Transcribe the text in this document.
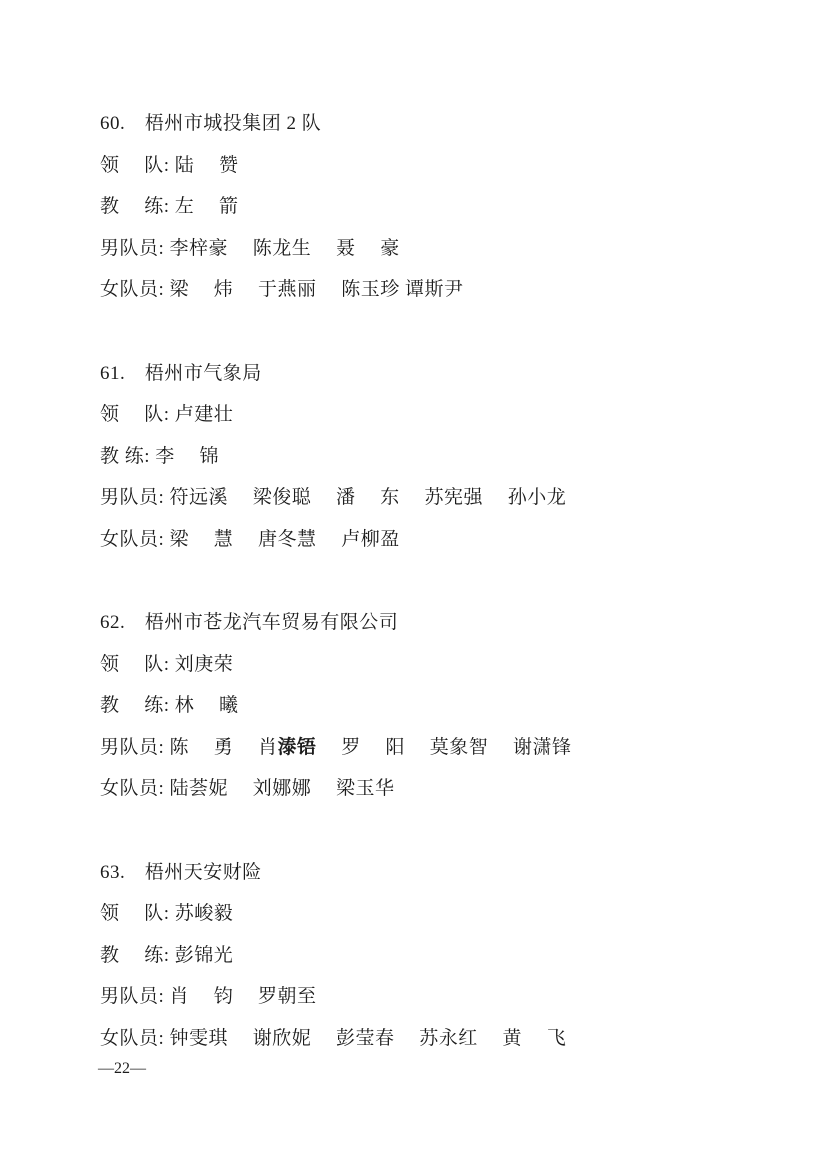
60.　梧州市城投集团 2 队
领　 队: 陆　 赞
教　 练: 左　 箭
男队员: 李梓豪　 陈龙生　 聂　 豪
女队员: 梁　 炜　 于燕丽　 陈玉珍 谭斯尹
61.　梧州市气象局
领　 队: 卢建壮
教 练: 李　 锦
男队员: 符远溪　 梁俊聪　 潘　 东　 苏宪强　 孙小龙
女队员: 梁　 慧　 唐冬慧　 卢柳盈
62.　梧州市苍龙汽车贸易有限公司
领　 队: 刘庚荣
教　 练: 林　 曦
男队员: 陈　 勇　 肖溙铻　 罗　 阳　 莫象智　 谢潇锋
女队员: 陆荟妮　 刘娜娜　 梁玉华
63.　梧州天安财险
领　 队: 苏峻毅
教　 练: 彭锦光
男队员: 肖　 钧　 罗朝至
女队员: 钟雯琪　 谢欣妮　 彭莹春　 苏永红　 黄　 飞
—22—
